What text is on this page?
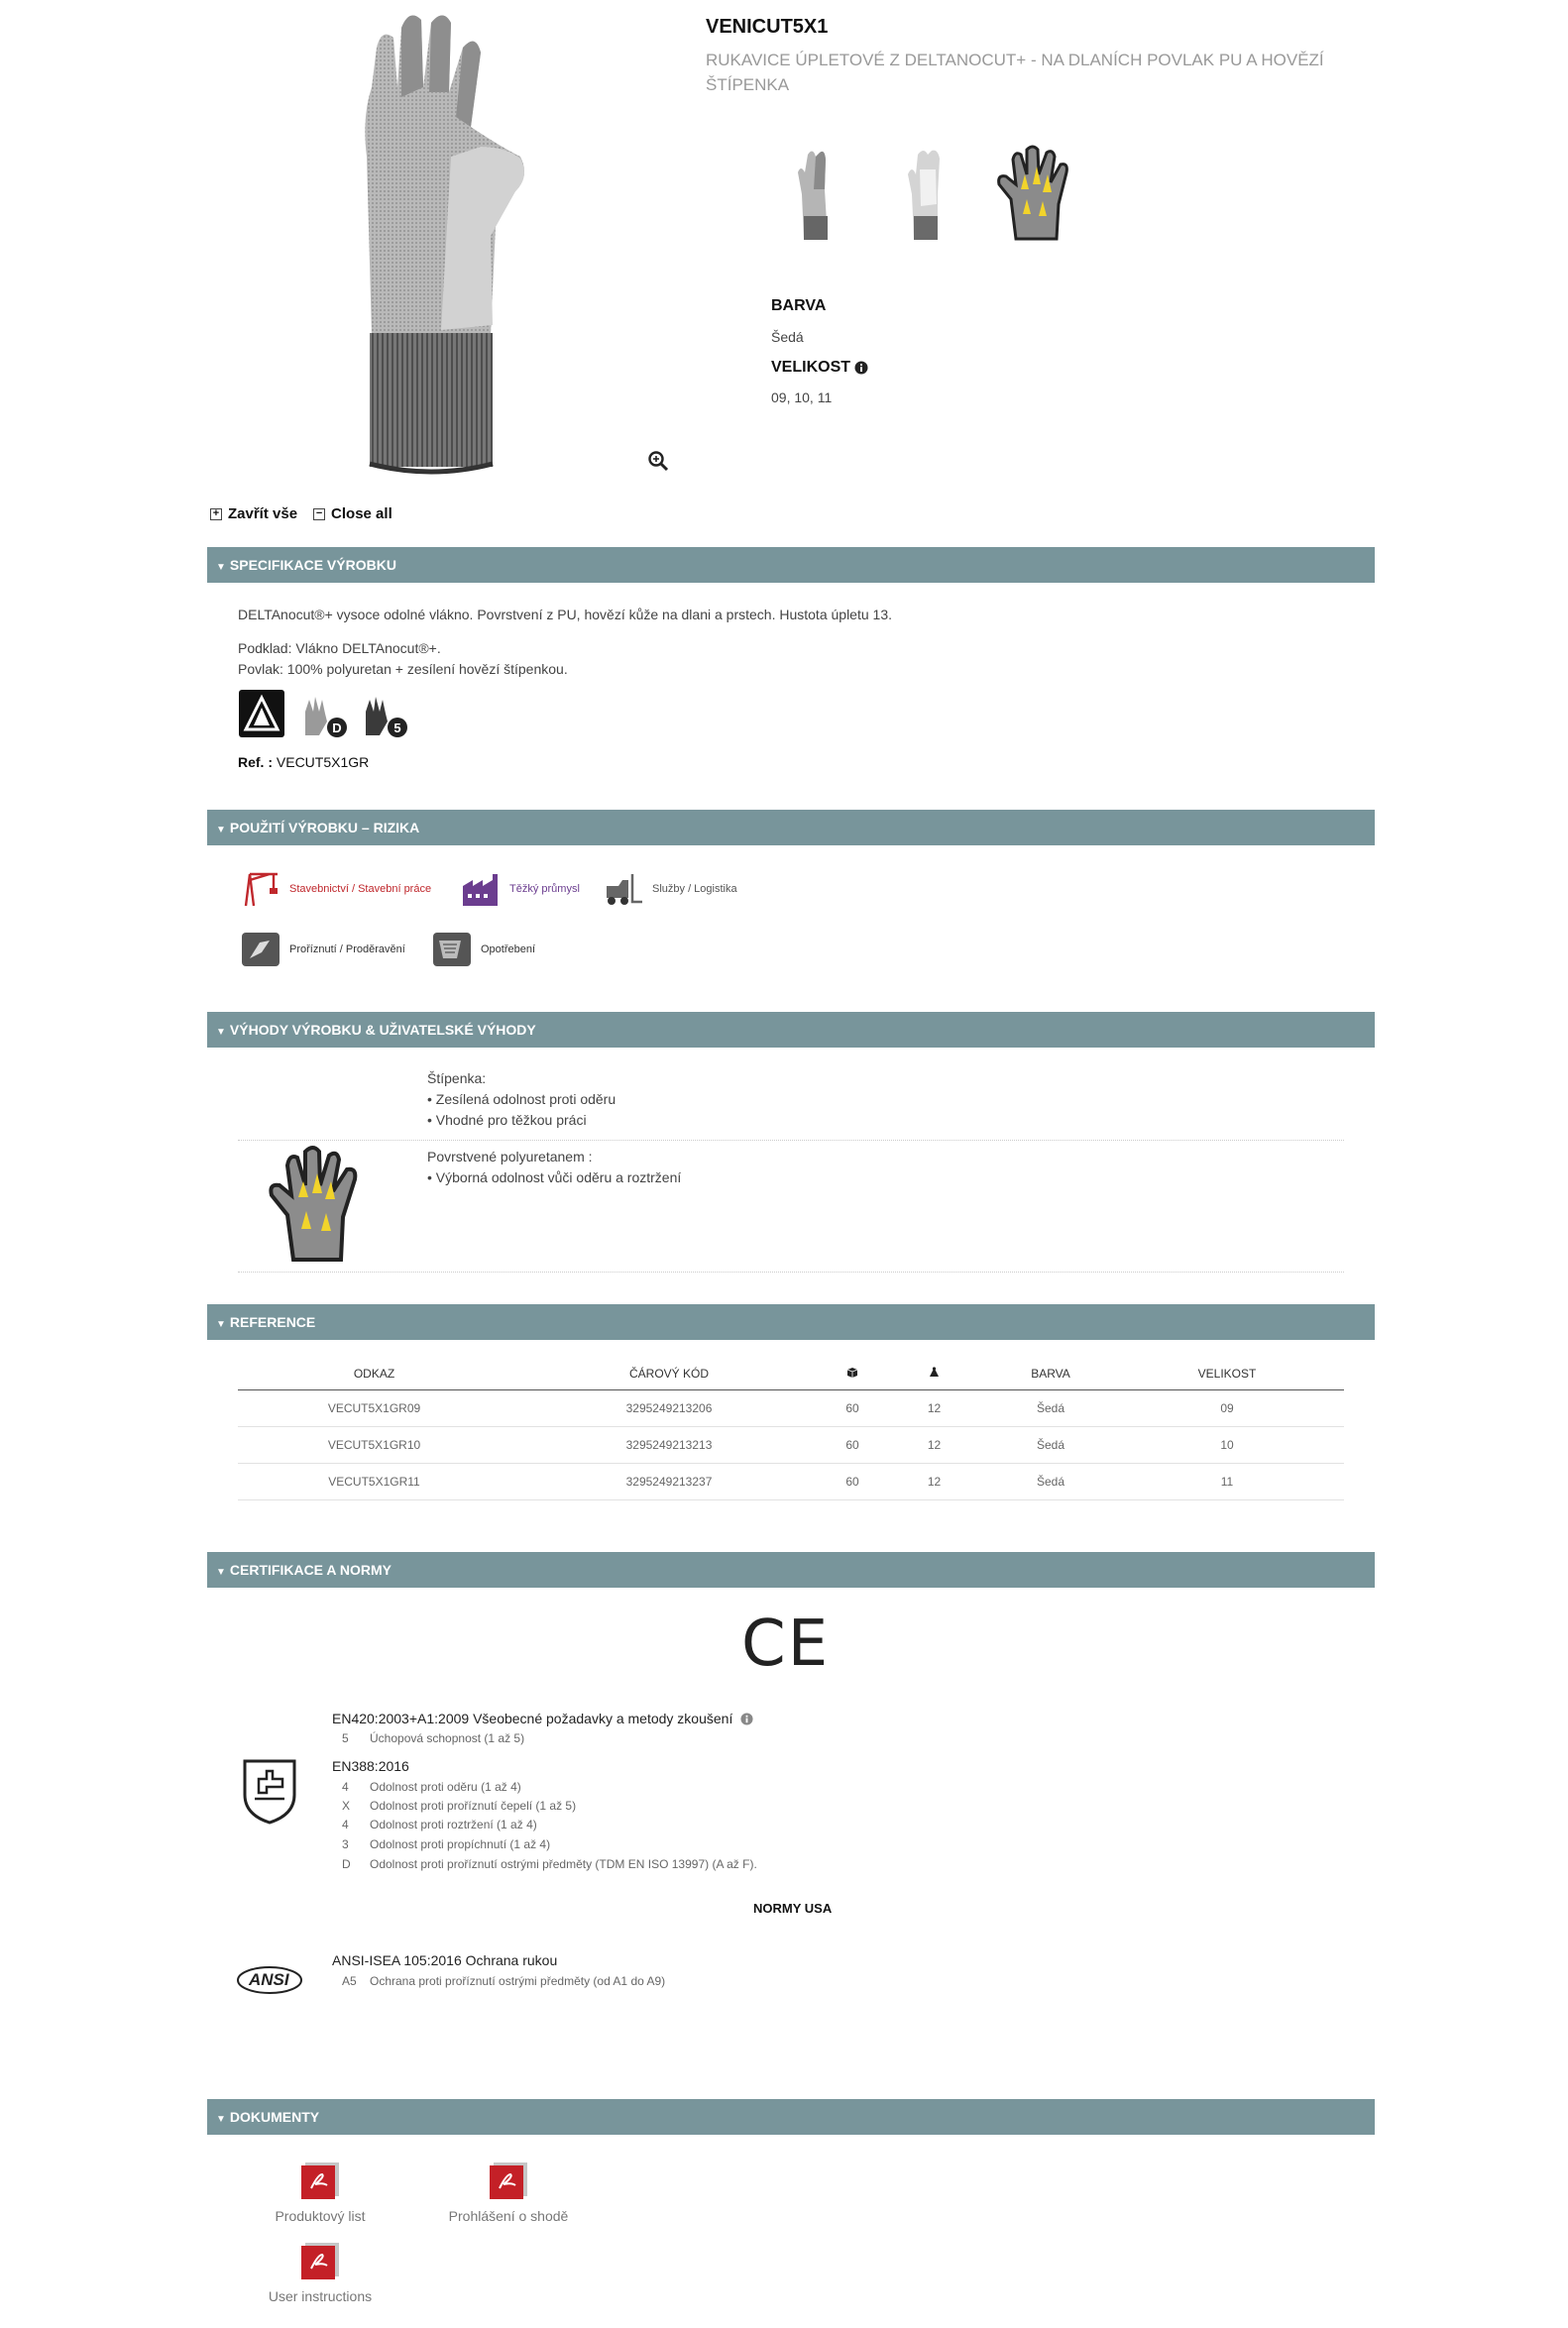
VENICUT5X1
RUKAVICE ÚPLETOVÉ Z DELTANOCUT+ - NA DLANÍCH POVLAK PU A HOVĚZÍ ŠTÍPENKA
BARVA
Šedá
VELIKOST
09, 10, 11
+ Zavřít vše − Close all
▼ SPECIFIKACE VÝROBKU
DELTAnocut®+ vysoce odolné vlákno. Povrstvení z PU, hovězí kůže na dlani a prstech. Hustota úpletu 13.
Podklad: Vlákno DELTAnocut®+.
Povlak: 100% polyuretan + zesílení hovězí štípenkou.
D	5
Ref. : VECUT5X1GR
▼ POUŽITÍ VÝROBKU – RIZIKA
Stavebnictví / Stavební práce	Těžký průmysl	Služby / Logistika
Proříznutí / Proděravění	Opotřebení
▼ VÝHODY VÝROBKU & UŽIVATELSKÉ VÝHODY
Štípenka:
• Zesílená odolnost proti oděru
• Vhodné pro těžkou práci
Povrstvené polyuretanem :
• Výborná odolnost vůči oděru a roztržení
▼ REFERENCE
ODKAZ	ČÁROVÝ KÓD			BARVA	VELIKOST
VECUT5X1GR09	3295249213206	60	12	Šedá	09
VECUT5X1GR10	3295249213213	60	12	Šedá	10
VECUT5X1GR11	3295249213237	60	12	Šedá	11
▼ CERTIFIKACE A NORMY
CE
EN420:2003+A1:2009 Všeobecné požadavky a metody zkoušení
5 Úchopová schopnost (1 až 5)
EN388:2016
4 Odolnost proti oděru (1 až 4)
X Odolnost proti proříznutí čepelí (1 až 5)
4 Odolnost proti roztržení (1 až 4)
3 Odolnost proti propíchnutí (1 až 4)
D Odolnost proti proříznutí ostrými předměty (TDM EN ISO 13997) (A až F).
NORMY USA
ANSI
ANSI-ISEA 105:2016 Ochrana rukou
A5 Ochrana proti proříznutí ostrými předměty (od A1 do A9)
▼ DOKUMENTY
Produktový list	Prohlášení o shodě
User instructions
